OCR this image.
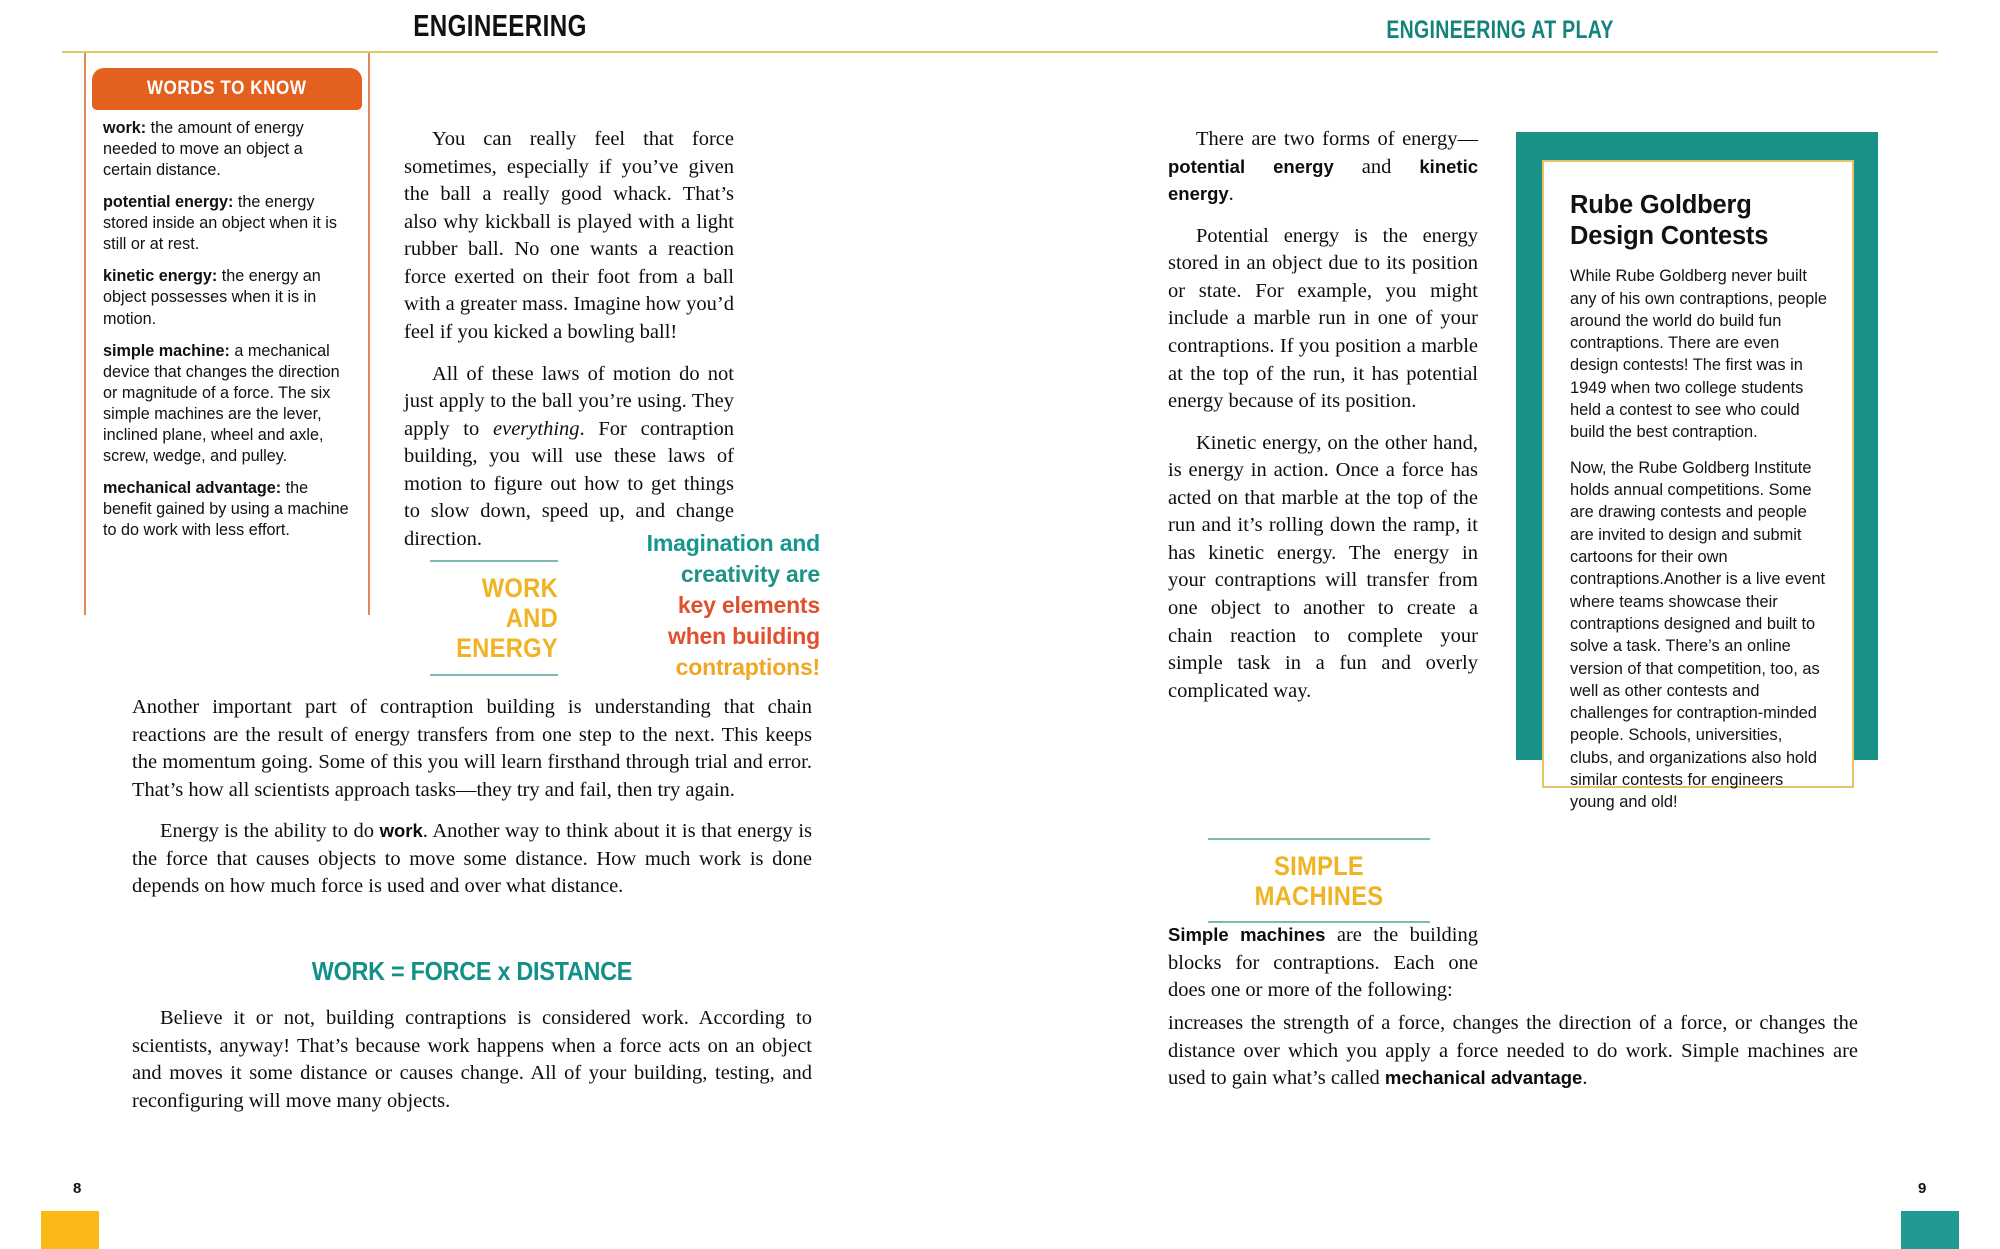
ENGINEERING	ENGINEERING AT PLAY
WORDS TO KNOW

work: the amount of energy needed to move an object a certain distance.

potential energy: the energy stored inside an object when it is still or at rest.

kinetic energy: the energy an object possesses when it is in motion.

simple machine: a mechanical device that changes the direction or magnitude of a force. The six simple machines are the lever, inclined plane, wheel and axle, screw, wedge, and pulley.

mechanical advantage: the benefit gained by using a machine to do work with less effort.

You can really feel that force sometimes, especially if you’ve given the ball a really good whack. That’s also why kickball is played with a light rubber ball. No one wants a reaction force exerted on their foot from a ball with a greater mass. Imagine how you’d feel if you kicked a bowling ball!

All of these laws of motion do not just apply to the ball you’re using. They apply to everything. For contraption building, you will use these laws of motion to figure out how to get things to slow down, speed up, and change direction.	Imagination and
creativity are
key elements
when building
contraptions!
WORK AND
ENERGY

Another important part of contraption building is understanding that chain reactions are the result of energy transfers from one step to the next. This keeps the momentum going. Some of this you will learn firsthand through trial and error. That’s how all scientists approach tasks—they try and fail, then try again.

Energy is the ability to do work. Another way to think about it is that energy is the force that causes objects to move some distance. How much work is done depends on how much force is used and over what distance.

WORK = FORCE x DISTANCE

Believe it or not, building contraptions is considered work. According to scientists, anyway! That’s because work happens when a force acts on an object and moves it some distance or causes change. All of your building, testing, and reconfiguring will move many objects.

There are two forms of energy—potential energy and kinetic energy.

Potential energy is the energy stored in an object due to its position or state. For example, you might include a marble run in one of your contraptions. If you position a marble at the top of the run, it has potential energy because of its position.

Kinetic energy, on the other hand, is energy in action. Once a force has acted on that marble at the top of the run and it’s rolling down the ramp, it has kinetic energy. The energy in your contraptions will transfer from one object to another to create a chain reaction to complete your simple task in a fun and overly complicated way.

SIMPLE MACHINES

Simple machines are the building blocks for contraptions. Each one does one or more of the following:

increases the strength of a force, changes the direction of a force, or changes the distance over which you apply a force needed to do work. Simple machines are used to gain what’s called mechanical advantage.

Rube Goldberg Design Contests

While Rube Goldberg never built any of his own contraptions, people around the world do build fun contraptions. There are even design contests! The first was in 1949 when two college students held a contest to see who could build the best contraption.

Now, the Rube Goldberg Institute holds annual competitions. Some are drawing contests and people are invited to design and submit cartoons for their own contraptions.Another is a live event where teams showcase their contraptions designed and built to solve a task. There’s an online version of that competition, too, as well as other contests and challenges for contraption-minded people. Schools, universities, clubs, and organizations also hold similar contests for engineers young and old!

8	9
